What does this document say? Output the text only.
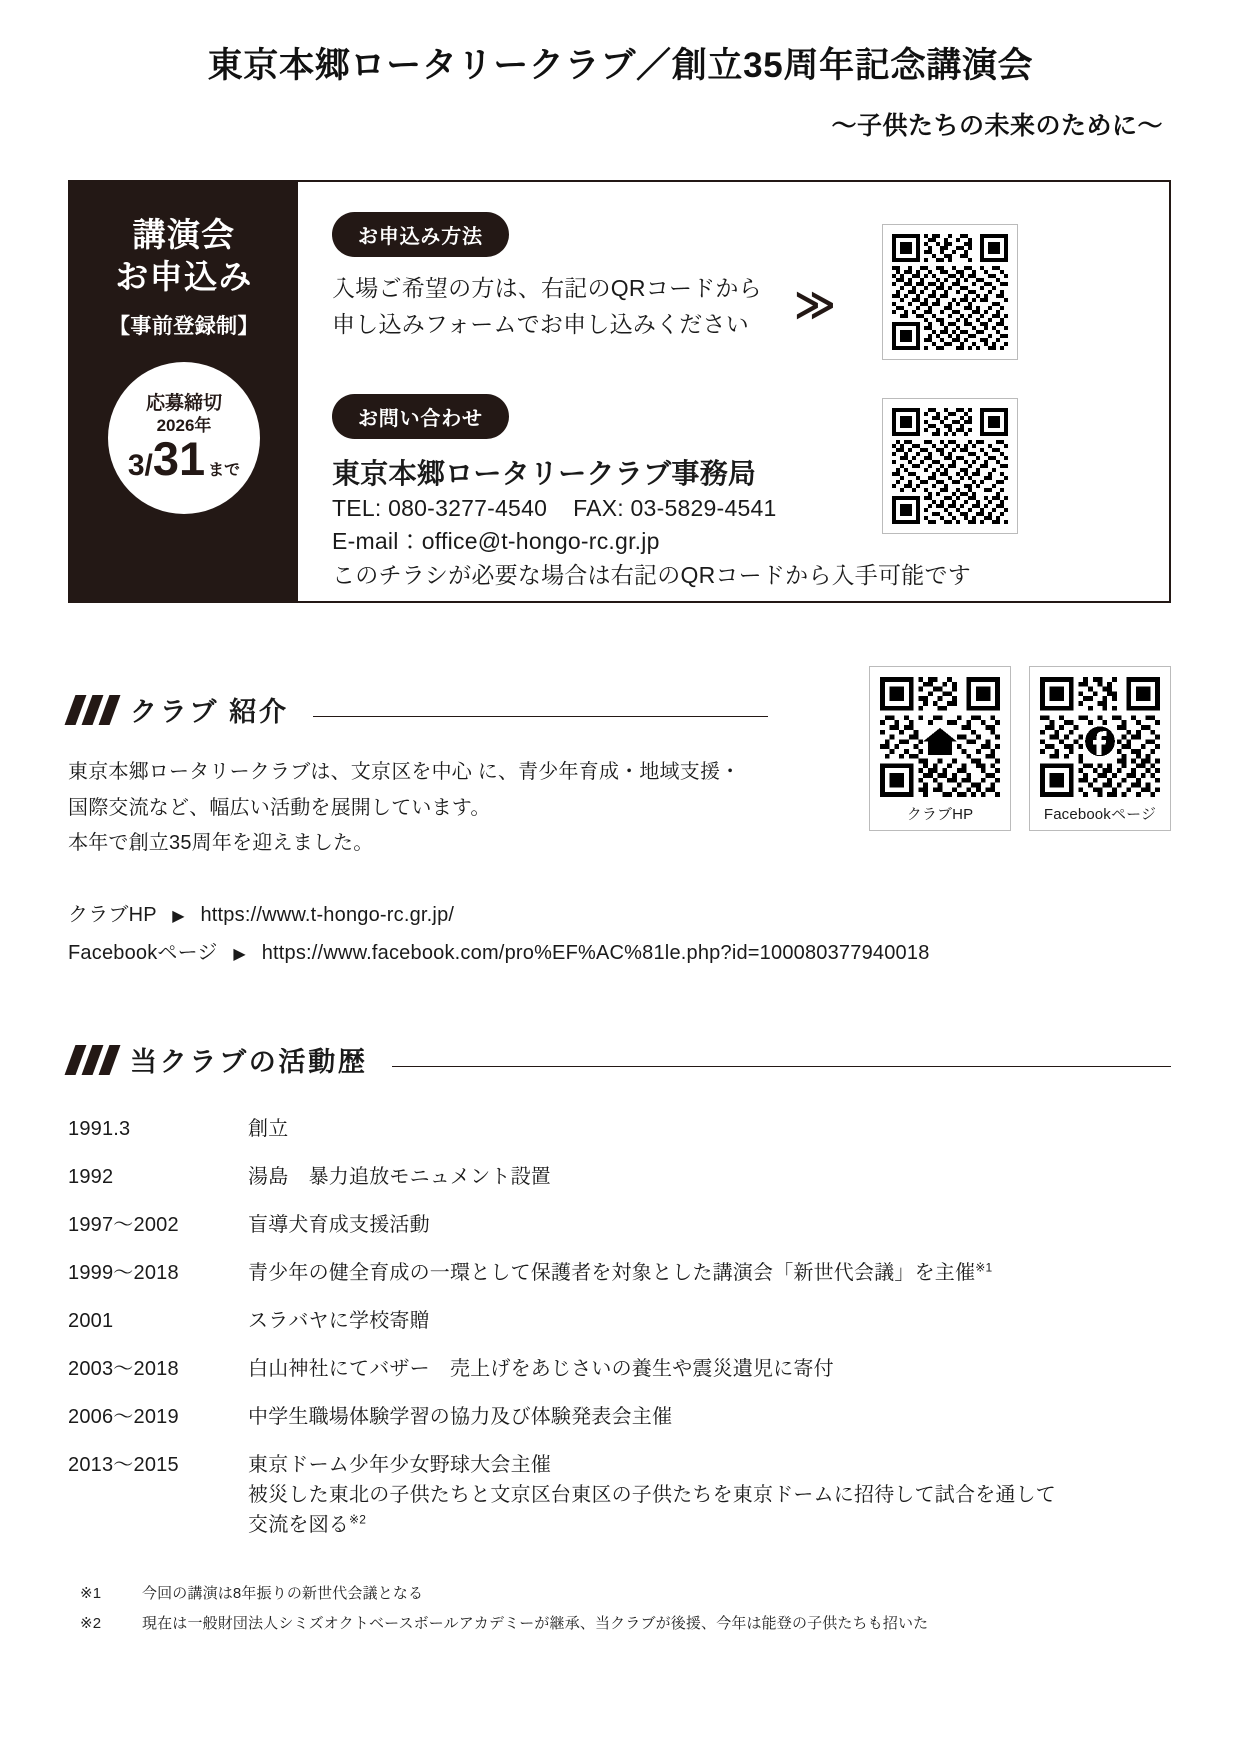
東京本郷ロータリークラブ／創立35周年記念講演会
〜子供たちの未来のために〜
講演会
お申込み
【事前登録制】
応募締切
2026年
3 / 31 まで
お申込み方法
入場ご希望の方は、右記のQRコードから
申し込みフォームでお申し込みください	≫
お問い合わせ
東京本郷ロータリークラブ事務局
TEL: 080-3277-4540 FAX: 03-5829-4541
E-mail：office@t-hongo-rc.gr.jp
このチラシが必要な場合は右記のQRコードから入手可能です
クラブ 紹介
東京本郷ロータリークラブは、文京区を中心 に、青少年育成・地域支援・
国際交流など、幅広い活動を展開しています。
本年で創立35周年を迎えました。
クラブHP ▶ https://www.t-hongo-rc.gr.jp/
Facebookページ ▶ https://www.facebook.com/pro%EF%AC%81le.php?id=100080377940018
クラブHP	Facebookページ
当クラブの活動歴
1991.3	創立
1992	湯島　暴力追放モニュメント設置
1997〜2002	盲導犬育成支援活動
1999〜2018	青少年の健全育成の一環として保護者を対象とした講演会「新世代会議」を主催$^{※1}$
2001	スラバヤに学校寄贈
2003〜2018	白山神社にてバザー　売上げをあじさいの養生や震災遺児に寄付
2006〜2019	中学生職場体験学習の協力及び体験発表会主催
2013〜2015	東京ドーム少年少女野球大会主催
被災した東北の子供たちと文京区台東区の子供たちを東京ドームに招待して試合を通して
交流を図る$^{※2}$
※1	今回の講演は8年振りの新世代会議となる
※2	現在は一般財団法人シミズオクトベースボールアカデミーが継承、当クラブが後援、今年は能登の子供たちも招いた
